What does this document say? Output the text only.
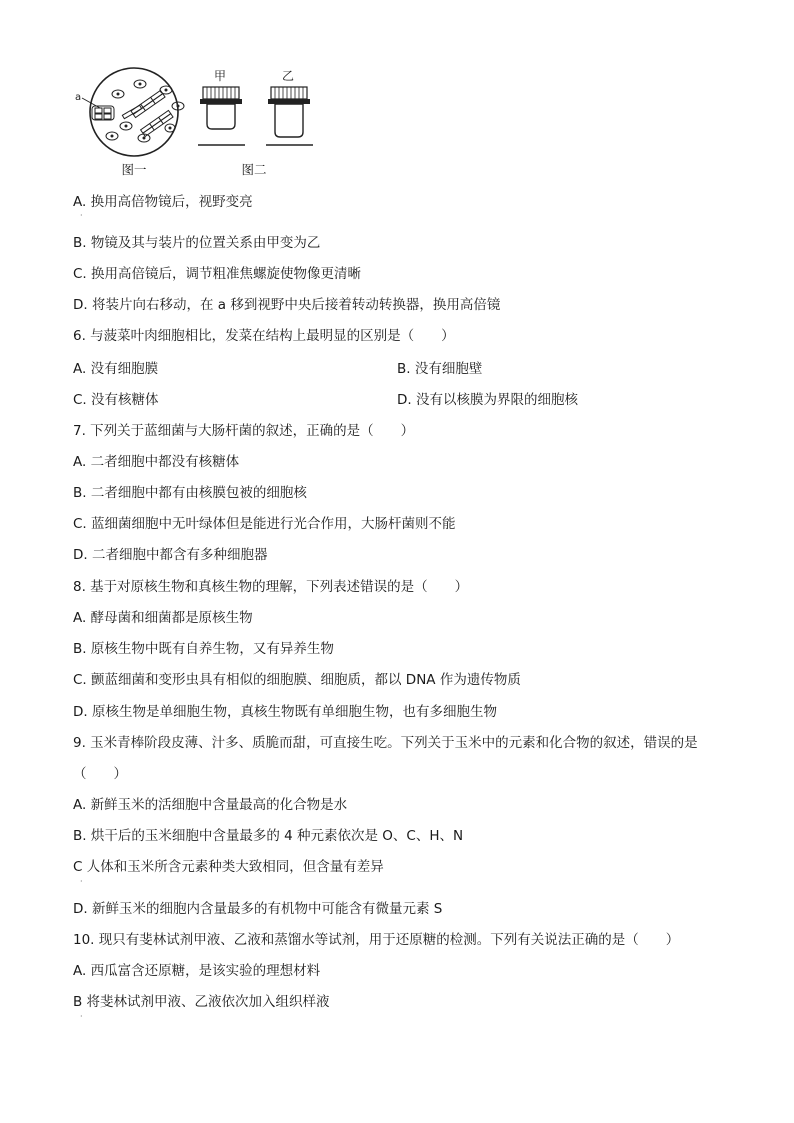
a
甲	乙
图一	图二
A. 换用高倍物镜后，视野变亮
·
B. 物镜及其与装片的位置关系由甲变为乙
C. 换用高倍镜后，调节粗准焦螺旋使物像更清晰
D. 将装片向右移动，在 a 移到视野中央后接着转动转换器，换用高倍镜
6. 与菠菜叶肉细胞相比，发菜在结构上最明显的区别是（　　）
A. 没有细胞膜	B. 没有细胞壁
C. 没有核糖体	D. 没有以核膜为界限的细胞核
7. 下列关于蓝细菌与大肠杆菌的叙述，正确的是（　　）
A. 二者细胞中都没有核糖体
B. 二者细胞中都有由核膜包被的细胞核
C. 蓝细菌细胞中无叶绿体但是能进行光合作用，大肠杆菌则不能
D. 二者细胞中都含有多种细胞器
8. 基于对原核生物和真核生物的理解，下列表述错误的是（　　）
A. 酵母菌和细菌都是原核生物
B. 原核生物中既有自养生物，又有异养生物
C. 颤蓝细菌和变形虫具有相似的细胞膜、细胞质，都以 DNA 作为遗传物质
D. 原核生物是单细胞生物，真核生物既有单细胞生物，也有多细胞生物
9. 玉米青棒阶段皮薄、汁多、质脆而甜，可直接生吃。下列关于玉米中的元素和化合物的叙述，错误的是
（　　）
A. 新鲜玉米的活细胞中含量最高的化合物是水
B. 烘干后的玉米细胞中含量最多的 4 种元素依次是 O、C、H、N
C 人体和玉米所含元素种类大致相同，但含量有差异
·
D. 新鲜玉米的细胞内含量最多的有机物中可能含有微量元素 S
10. 现只有斐林试剂甲液、乙液和蒸馏水等试剂，用于还原糖的检测。下列有关说法正确的是（　　）
A. 西瓜富含还原糖，是该实验的理想材料
B 将斐林试剂甲液、乙液依次加入组织样液
·
